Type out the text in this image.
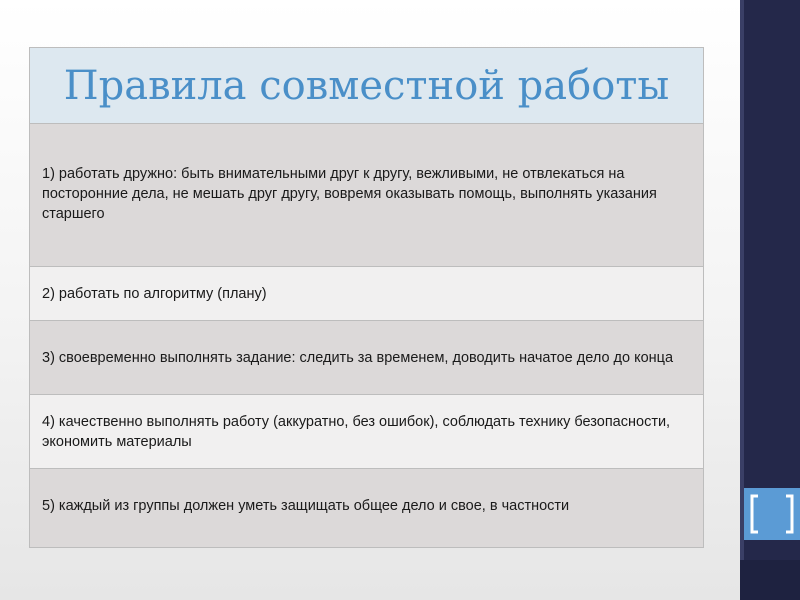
Правила совместной работы

1) работать дружно: быть внимательными друг к другу, вежливыми, не отвлекаться на посторонние дела, не мешать друг другу, вовремя оказывать помощь, выполнять указания старшего

2) работать по алгоритму (плану)

3) своевременно выполнять задание: следить за временем, доводить начатое дело до конца

4) качественно выполнять работу (аккуратно, без ошибок), соблюдать технику безопасности, экономить материалы

5) каждый из группы должен уметь защищать общее дело и свое, в частности
